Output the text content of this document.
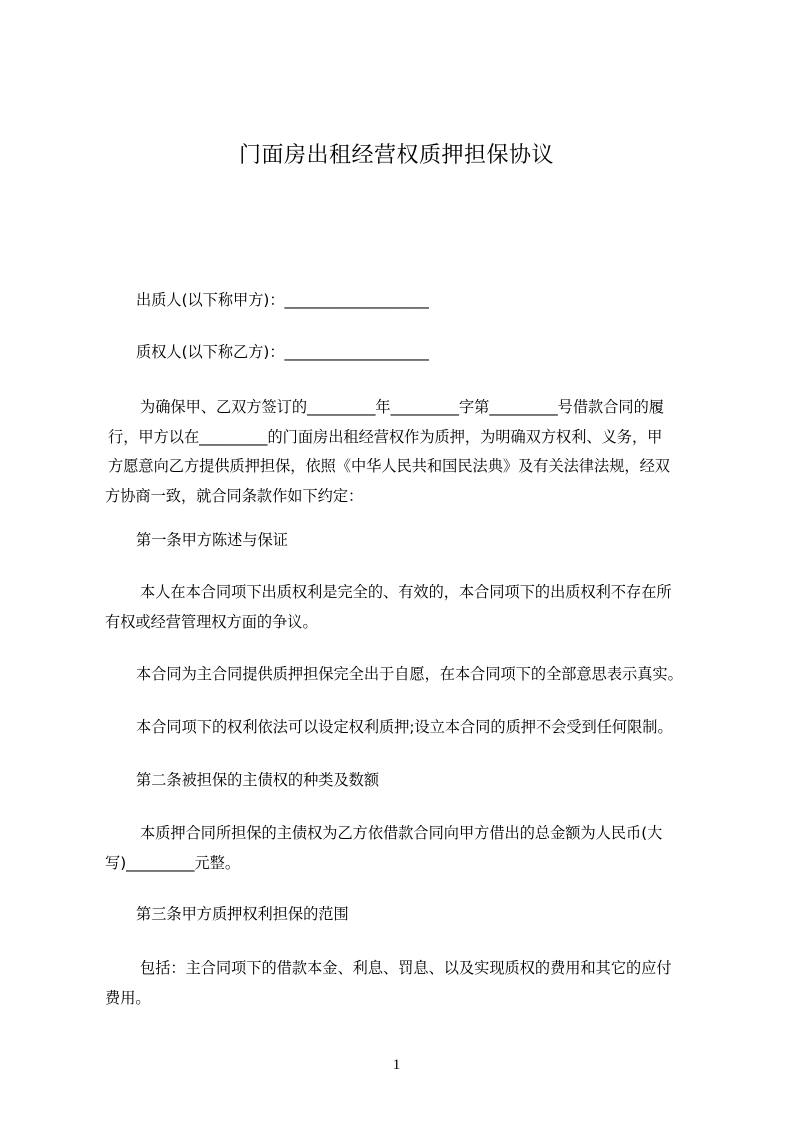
门面房出租经营权质押担保协议
出质人(以下称甲方)：___________________
质权人(以下称乙方)：___________________
为确保甲、乙双方签订的_________年_________字第_________号借款合同的履
行，甲方以在_________的门面房出租经营权作为质押，为明确双方权利、义务，甲
方愿意向乙方提供质押担保，依照《中华人民共和国民法典》及有关法律法规，经双
方协商一致，就合同条款作如下约定：
第一条甲方陈述与保证
本人在本合同项下出质权利是完全的、有效的，本合同项下的出质权利不存在所
有权或经营管理权方面的争议。
本合同为主合同提供质押担保完全出于自愿，在本合同项下的全部意思表示真实。
本合同项下的权利依法可以设定权利质押;设立本合同的质押不会受到任何限制。
第二条被担保的主债权的种类及数额
本质押合同所担保的主债权为乙方依借款合同向甲方借出的总金额为人民币(大
写)_________元整。
第三条甲方质押权利担保的范围
包括：主合同项下的借款本金、利息、罚息、以及实现质权的费用和其它的应付
费用。
1
